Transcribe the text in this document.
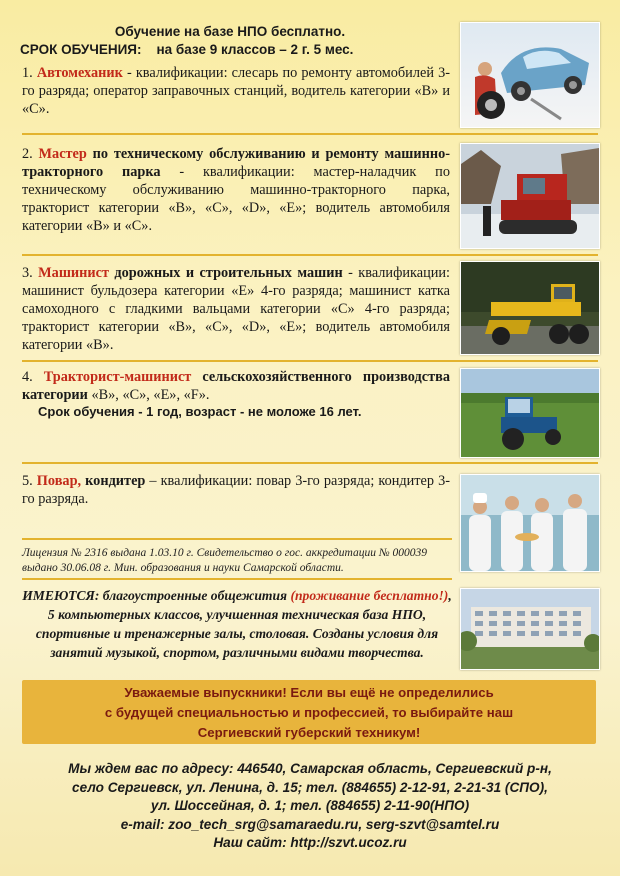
Обучение на базе НПО бесплатно.
СРОК ОБУЧЕНИЯ: на базе 9 классов – 2 г. 5 мес.
1. Автомеханик - квалификации: слесарь по ремонту автомобилей 3-го разряда; оператор заправочных станций, водитель категории «В» и «С».
2. Мастер по техническому обслуживанию и ремонту машинно-тракторного парка - квалификации: мастер-наладчик по техническому обслуживанию машинно-тракторного парка, тракторист категории «В», «С», «D», «Е»; водитель автомобиля категории «В» и «С».
3. Машинист дорожных и строительных машин - квалификации: машинист бульдозера категории «Е» 4-го разряда; машинист катка самоходного с гладкими вальцами категории «С» 4-го разряда; тракторист категории «В», «С», «D», «Е»; водитель автомобиля категории «В».
4. Тракторист-машинист сельскохозяйственного производства категории «В», «С», «Е», «F».
Срок обучения - 1 год, возраст - не моложе 16 лет.
5. Повар, кондитер – квалификации: повар 3-го разряда; кондитер 3-го разряда.
Лицензия № 2316 выдана 1.03.10 г. Свидетельство о гос. аккредитации № 000039 выдано 30.06.08 г. Мин. образования и науки Самарской области.
ИМЕЮТСЯ: благоустроенные общежития (проживание бесплатно!), 5 компьютерных классов, улучшенная техническая база НПО, спортивные и тренажерные залы, столовая. Созданы условия для занятий музыкой, спортом, различными видами творчества.
Уважаемые выпускники! Если вы ещё не определились
с будущей специальностью и профессией, то выбирайте наш
Сергиевский губерский техникум!
Мы ждем вас по адресу: 446540, Самарская область, Сергиевский р-н,
село Сергиевск, ул. Ленина, д. 15; тел. (884655) 2-12-91, 2-21-31 (СПО),
ул. Шоссейная, д. 1; тел. (884655) 2-11-90(НПО)
e-mail: zoo_tech_srg@samaraedu.ru, serg-szvt@samtel.ru
Наш сайт: http://szvt.ucoz.ru
